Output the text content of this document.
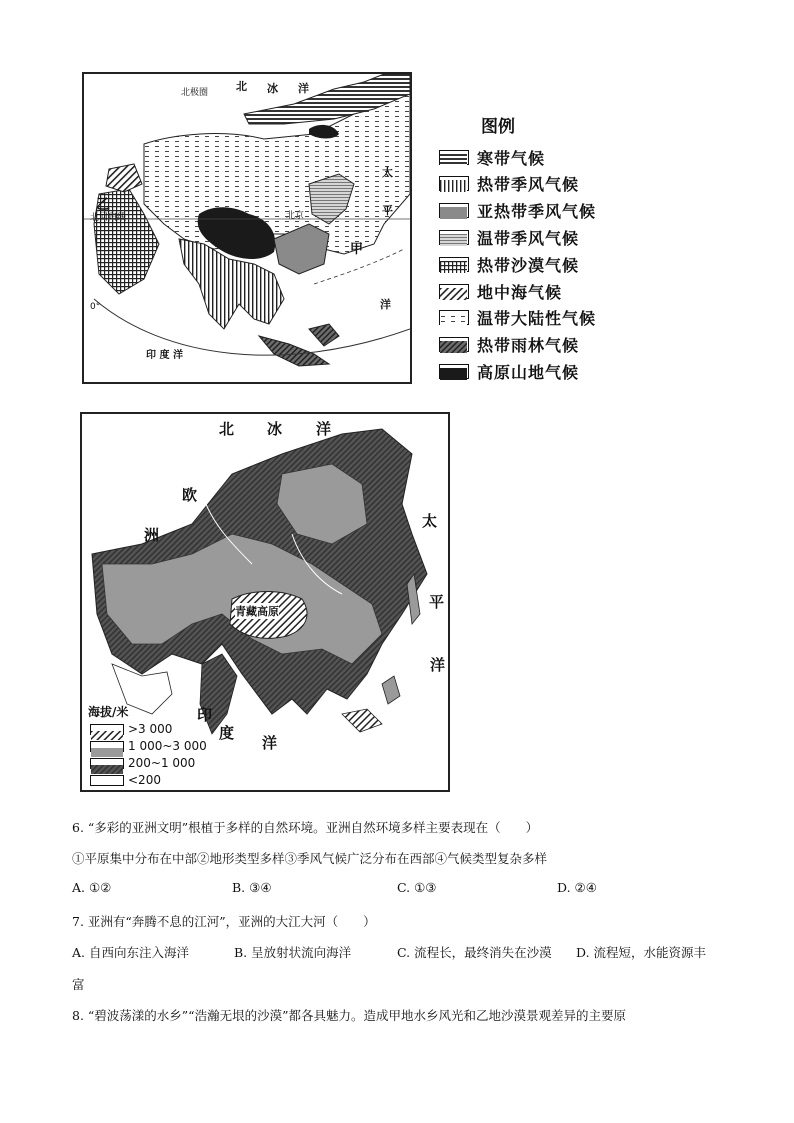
北极圈	北 冰 洋
乙
北回归线	北京
太
平
甲
洋
0°
印 度 洋
图例
寒带气候
热带季风气候
亚热带季风气候
温带季风气候
热带沙漠气候
地中海气候
温带大陆性气候
热带雨林气候
高原山地气候
北 冰 洋
欧
洲
太
平
洋
青藏高原
印
度
洋
海拔/米
>3 000
1 000~3 000
200~1 000
<200
6. “多彩的亚洲文明”根植于多样的自然环境。亚洲自然环境多样主要表现在（　　）
①平原集中分布在中部②地形类型多样③季风气候广泛分布在西部④气候类型复杂多样
A. ①②	B. ③④	C. ①③	D. ②④
7. 亚洲有“奔腾不息的江河”，亚洲的大江大河（　　）
A. 自西向东注入海洋	B. 呈放射状流向海洋	C. 流程长，最终消失在沙漠 D. 流程短，水能资源丰
富
8. “碧波荡漾的水乡”“浩瀚无垠的沙漠”都各具魅力。造成甲地水乡风光和乙地沙漠景观差异的主要原
